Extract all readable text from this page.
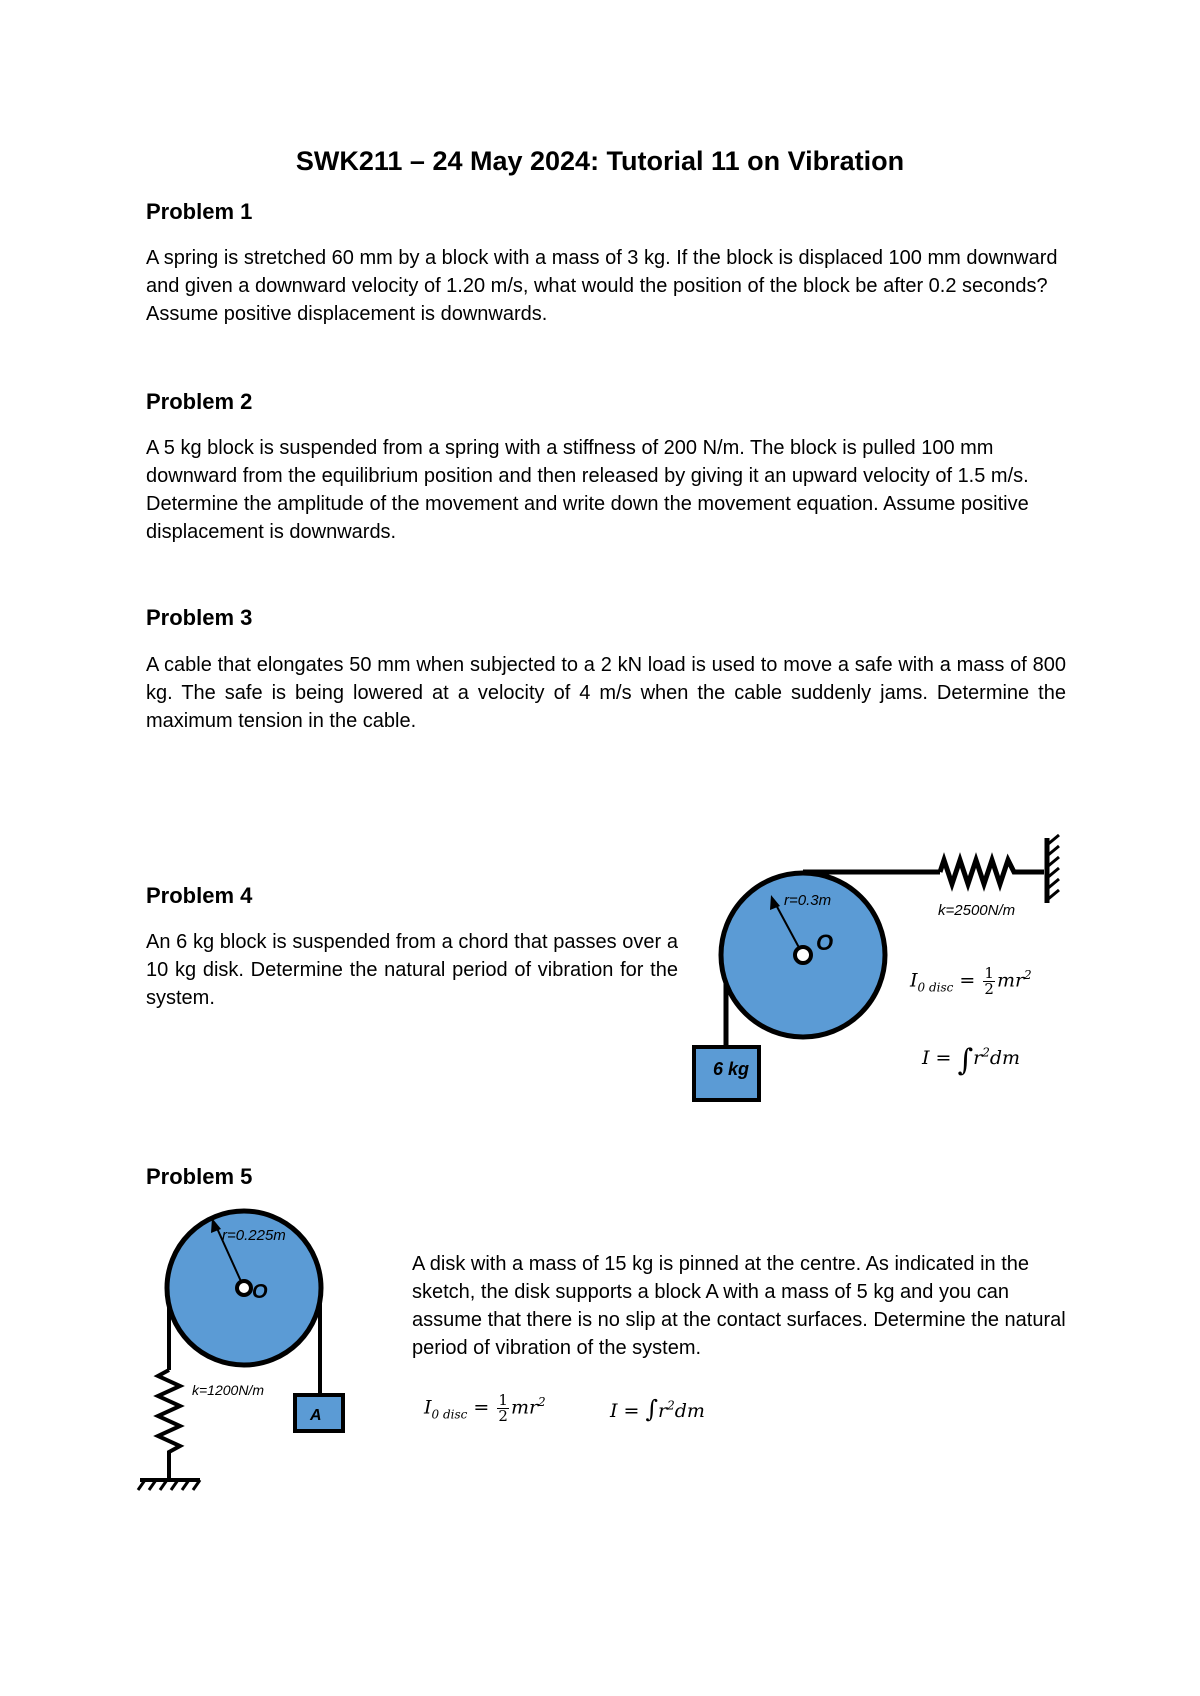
SWK211 – 24 May 2024: Tutorial 11 on Vibration
Problem 1

A spring is stretched 60 mm by a block with a mass of 3 kg. If the block is displaced 100 mm downward and given a downward velocity of 1.20 m/s, what would the position of the block be after 0.2 seconds? Assume positive displacement is downwards.

Problem 2

A 5 kg block is suspended from a spring with a stiffness of 200 N/m. The block is pulled 100 mm downward from the equilibrium position and then released by giving it an upward velocity of 1.5 m/s. Determine the amplitude of the movement and write down the movement equation. Assume positive displacement is downwards.

Problem 3

A cable that elongates 50 mm when subjected to a 2 kN load is used to move a safe with a mass of 800 kg. The safe is being lowered at a velocity of 4 m/s when the cable suddenly jams. Determine the maximum tension in the cable.

Problem 4

An 6 kg block is suspended from a chord that passes over a 10 kg disk. Determine the natural period of vibration for the system.

r=0.3m
O
k=2500N/m
6 kg
$I_{0 disc} = \frac{1}{2} mr^2$
$I = \int r^2dm$
Problem 5

A disk with a mass of 15 kg is pinned at the centre. As indicated in the sketch, the disk supports a block A with a mass of 5 kg and you can assume that there is no slip at the contact surfaces. Determine the natural period of vibration of the system.

r=0.225m
O
k=1200N/m
A	$I_{0 disc} = \frac{1}{2} mr^2$	$I = \int r^2dm$
